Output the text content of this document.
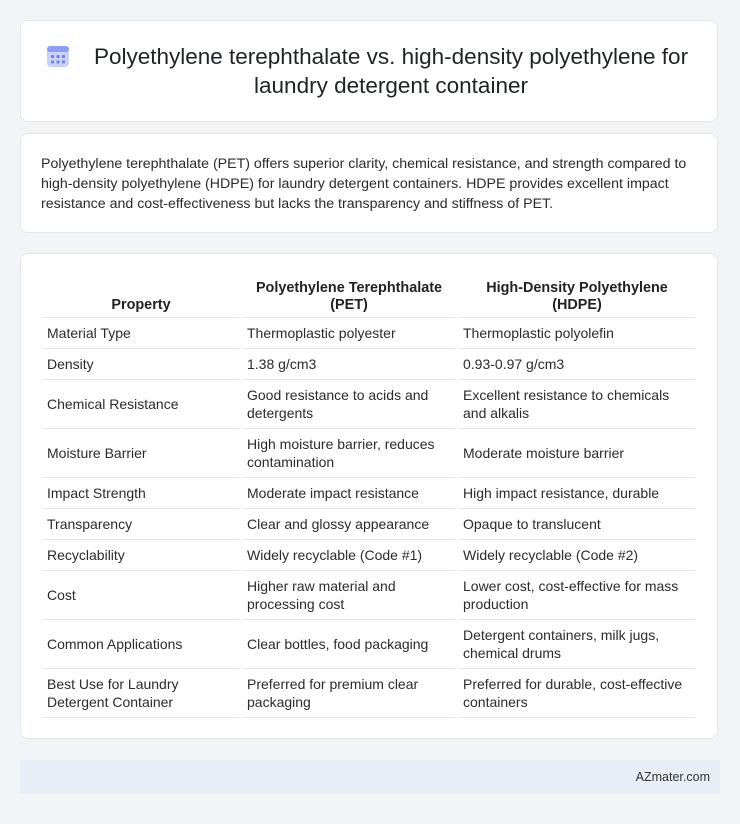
Polyethylene terephthalate vs. high-density polyethylene for laundry detergent container

Polyethylene terephthalate (PET) offers superior clarity, chemical resistance, and strength compared to high-density polyethylene (HDPE) for laundry detergent containers. HDPE provides excellent impact resistance and cost-effectiveness but lacks the transparency and stiffness of PET.

Property	Polyethylene Terephthalate (PET)	High-Density Polyethylene (HDPE)
Material Type	Thermoplastic polyester	Thermoplastic polyolefin
Density	1.38 g/cm3	0.93-0.97 g/cm3
Chemical Resistance	Good resistance to acids and detergents	Excellent resistance to chemicals and alkalis
Moisture Barrier	High moisture barrier, reduces contamination	Moderate moisture barrier
Impact Strength	Moderate impact resistance	High impact resistance, durable
Transparency	Clear and glossy appearance	Opaque to translucent
Recyclability	Widely recyclable (Code #1)	Widely recyclable (Code #2)
Cost	Higher raw material and processing cost	Lower cost, cost-effective for mass production
Common Applications	Clear bottles, food packaging	Detergent containers, milk jugs, chemical drums
Best Use for Laundry Detergent Container	Preferred for premium clear packaging	Preferred for durable, cost-effective containers
AZmater.com
